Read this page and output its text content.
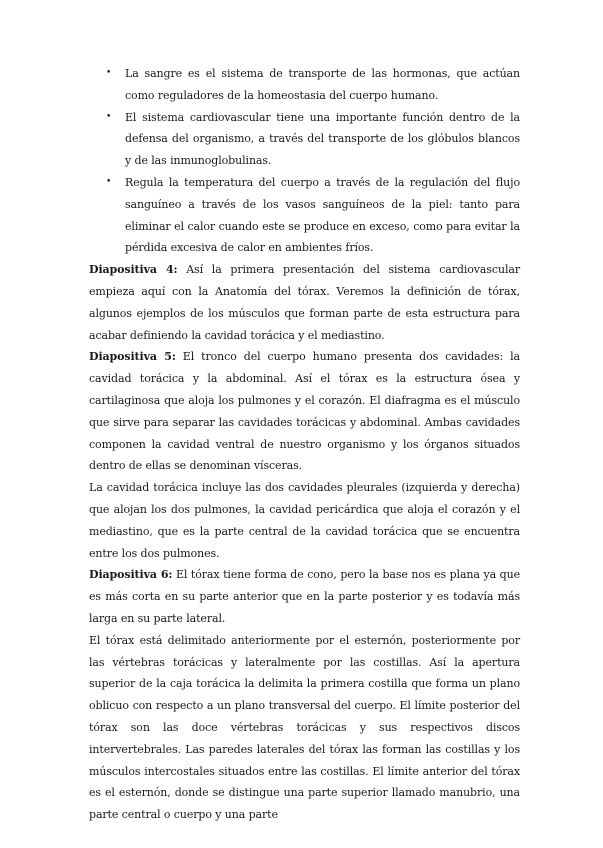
• La sangre es el sistema de transporte de las hormonas, que actúan como reguladores de la homeostasia del cuerpo humano.
• El sistema cardiovascular tiene una importante función dentro de la defensa del organismo, a través del transporte de los glóbulos blancos y de las inmunoglobulinas.
• Regula la temperatura del cuerpo a través de la regulación del flujo sanguíneo a través de los vasos sanguíneos de la piel: tanto para eliminar el calor cuando este se produce en exceso, como para evitar la pérdida excesiva de calor en ambientes fríos.

Diapositiva 4: Así la primera presentación del sistema cardiovascular empieza aquí con la Anatomía del tórax. Veremos la definición de tórax, algunos ejemplos de los músculos que forman parte de esta estructura para acabar definiendo la cavidad torácica y el mediastino.

Diapositiva 5: El tronco del cuerpo humano presenta dos cavidades: la cavidad torácica y la abdominal. Así el tórax es la estructura ósea y cartilaginosa que aloja los pulmones y el corazón. El diafragma es el músculo que sirve para separar las cavidades torácicas y abdominal. Ambas cavidades componen la cavidad ventral de nuestro organismo y los órganos situados dentro de ellas se denominan vísceras.

La cavidad torácica incluye las dos cavidades pleurales (izquierda y derecha) que alojan los dos pulmones, la cavidad pericárdica que aloja el corazón y el mediastino, que es la parte central de la cavidad torácica que se encuentra entre los dos pulmones.

Diapositiva 6: El tórax tiene forma de cono, pero la base nos es plana ya que es más corta en su parte anterior que en la parte posterior y es todavía más larga en su parte lateral.

El tórax está delimitado anteriormente por el esternón, posteriormente por las vértebras torácicas y lateralmente por las costillas. Así la apertura superior de la caja torácica la delimita la primera costilla que forma un plano oblicuo con respecto a un plano transversal del cuerpo. El límite posterior del tórax son las doce vértebras torácicas y sus respectivos discos intervertebrales. Las paredes laterales del tórax las forman las costillas y los músculos intercostales situados entre las costillas. El límite anterior del tórax es el esternón, donde se distingue una parte superior llamado manubrio, una parte central o cuerpo y una parte
